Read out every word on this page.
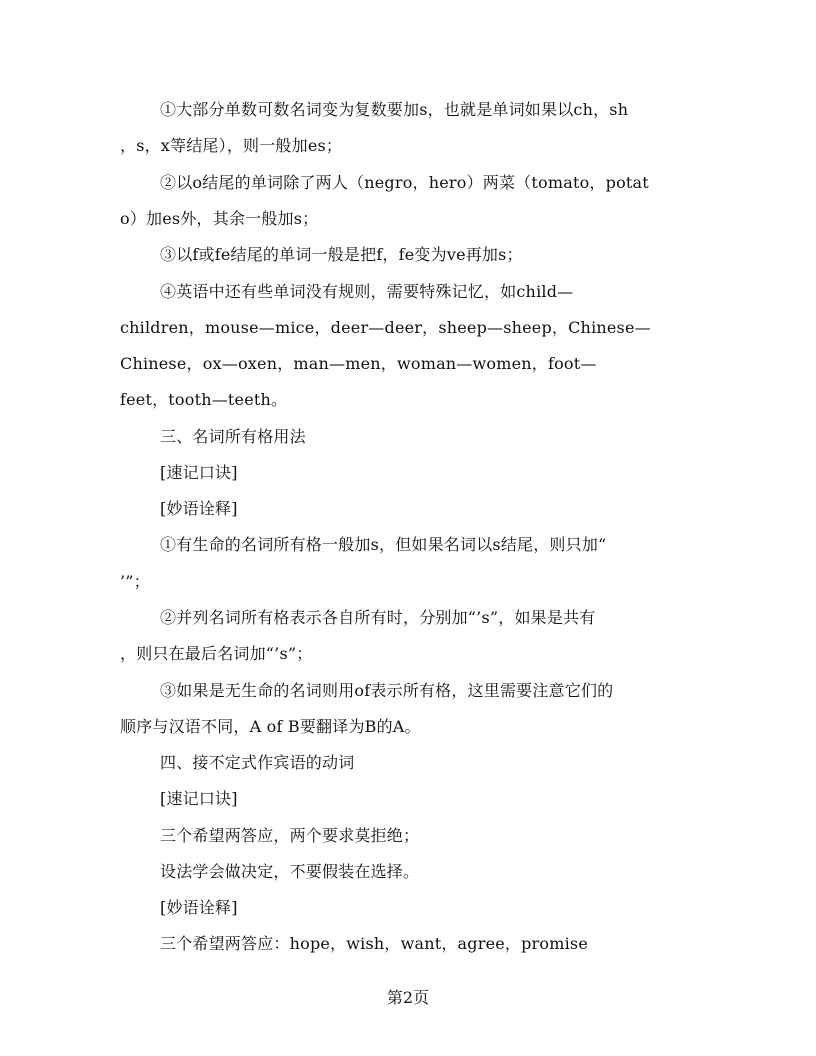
①大部分单数可数名词变为复数要加s，也就是单词如果以ch，sh
，s，x等结尾），则一般加es；
②以o结尾的单词除了两人（negro，hero）两菜（tomato，potat
o）加es外，其余一般加s；
③以f或fe结尾的单词一般是把f，fe变为ve再加s；
④英语中还有些单词没有规则，需要特殊记忆，如child—
children，mouse—mice，deer—deer，sheep—sheep，Chinese—
Chinese，ox—oxen，man—men，woman—women，foot—
feet，tooth—teeth。
三、名词所有格用法
[速记口诀]
[妙语诠释]
①有生命的名词所有格一般加s，但如果名词以s结尾，则只加“
’”；
②并列名词所有格表示各自所有时，分别加“’s”，如果是共有
，则只在最后名词加“’s”；
③如果是无生命的名词则用of表示所有格，这里需要注意它们的
顺序与汉语不同，A of B要翻译为B的A。
四、接不定式作宾语的动词
[速记口诀]
三个希望两答应，两个要求莫拒绝；
设法学会做决定，不要假装在选择。
[妙语诠释]
三个希望两答应：hope，wish，want，agree，promise
第2页
